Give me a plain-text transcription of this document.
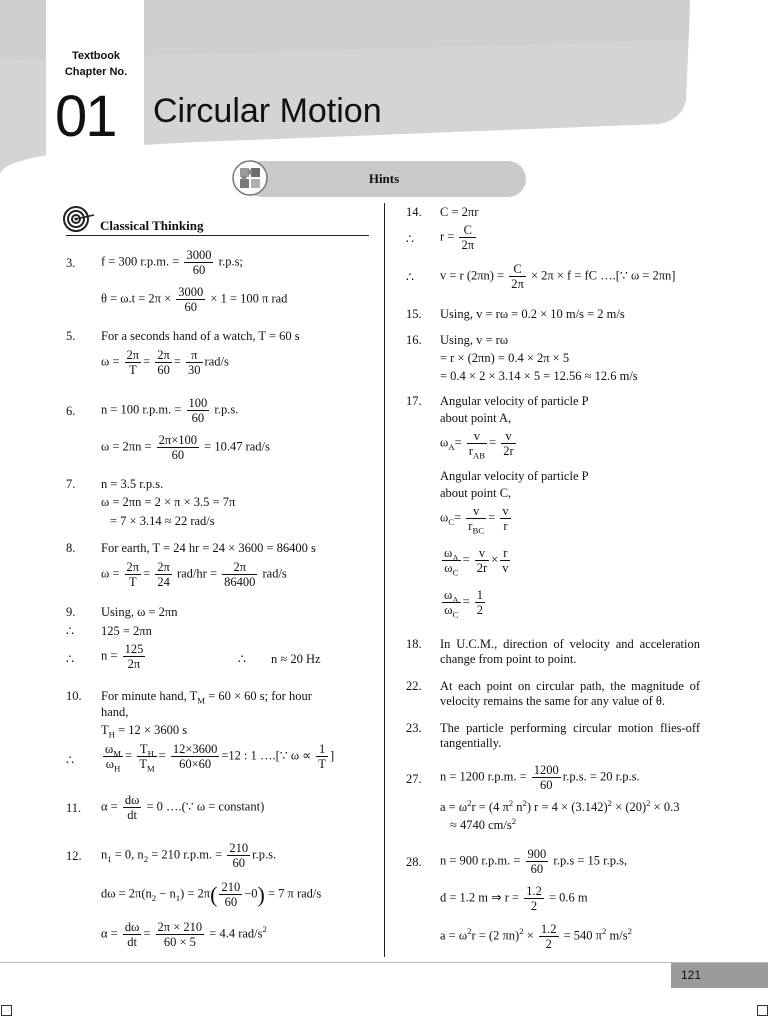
Textbook
Chapter No.
01 Circular Motion
Hints
Classical Thinking
3. f = 300 r.p.m. = $\frac{3000}{60} r.p.s$;
$\theta = \omega.t = 2\pi \times \frac{3000}{60} \times 1 = 100$ π rad
5. For a seconds hand of a watch, T = 60 s
$\omega = \frac{2\pi}{T} = \frac{2\pi}{60} = \frac{\pi}{30} rad/s$
6. n = 100 r.p.m. = $\frac{100}{60} r.p.s$.
$\omega = 2\pi n = \frac{2\pi\times 100}{60} = 10.47$ rad/s
7. n = 3.5 r.p.s.
ω = 2πn = 2 × π × 3.5 = 7π
= 7 × 3.14 ≈ 22 rad/s
8. For earth, T = 24 hr = 24 × 3600 = 86400 s
$\omega = \frac{2\pi}{T} = \frac{2\pi}{24} rad/hr = \frac{2\pi}{86400} rad/s$
9. Using, ω = 2πn
∴ 125 = 2πn
∴ $n = \frac{125}{2\pi}$	∴ n ≈ 20 Hz
10. For minute hand, $T_M = 60 \times 60$ s; for hour
hand,
$T_H = 12 \times 3600$ s
∴ $\frac{\omega_M}{\omega_H} = \frac{T_H}{T_M} = \frac{12\times 3600}{60\times 60} =12$ : 1 ….[∵ $\omega \propto \frac{1}{T}$ ]
11. $\alpha = \frac{d\omega}{dt} = 0$ ….(∵ ω = constant)
12. $n_1 = 0$, $n_2 = 210$ r.p.m. = $\frac{210}{60} r.p.s$.
$d\omega = 2\pi(n_2 - n_1) = 2\pi( \frac{210}{60} -0) = 7$ π rad/s
$\alpha = \frac{d\omega}{dt} = \frac{2\pi \times 210}{60 \times 5} = 4.4$ rad/$s^2$
14. C = 2πr
∴ $r = \frac{C}{2\pi}$
∴ v = r $(2\pi n) = \frac{C}{2\pi} \times 2\pi \times f$ = fC ….[∵ ω = 2πn]
15. Using, v = rω = 0.2 × 10 m/s = 2 m/s
16. Using, v = rω
= r × (2πn) = 0.4 × 2π × 5
= 0.4 × 2 × 3.14 × 5 = 12.56 ≈ 12.6 m/s
17. Angular velocity of particle P
about point A,
$\omega_A= v$
$r_{AB}$
= $\frac{v}{2r}$
Angular velocity of particle P
about point C,
$\omega_C= v$
$r_{BC}$
= $\frac{v}{r}$
$\frac{\omega_A}{\omega_C} = \frac{v}{2r} \times \frac{r}{v}$
$\frac{\omega_A}{\omega_C} = \frac{1}{2}$
18. In U.C.M., direction of velocity and acceleration change from point to point.
22. At each point on circular path, the magnitude of velocity remains the same for any value of θ.
23. The particle performing circular motion flies-off tangentially.
27. n = 1200 r.p.m. = $\frac{1200}{60} r.p.s$. = 20 r.p.s.
$a = \omega^2r = (4$ $\pi^2$ $n^2$) $r = 4 \times (3.142)^2 \times (20)^2 \times 0.3$
≈ 4740 $cm/s^2$
28. n = 900 r.p.m. = $\frac{900}{60} r.p.s = 15$ r.p.s,
d = 1.2 m ⇒ $r = \frac{1.2}{2} = 0.6$ m
$a = \omega^2r = (2$ $\pi n)^2 \times \frac{1.2}{2} = 540$ $\pi^2$ $m/s^2$
121
